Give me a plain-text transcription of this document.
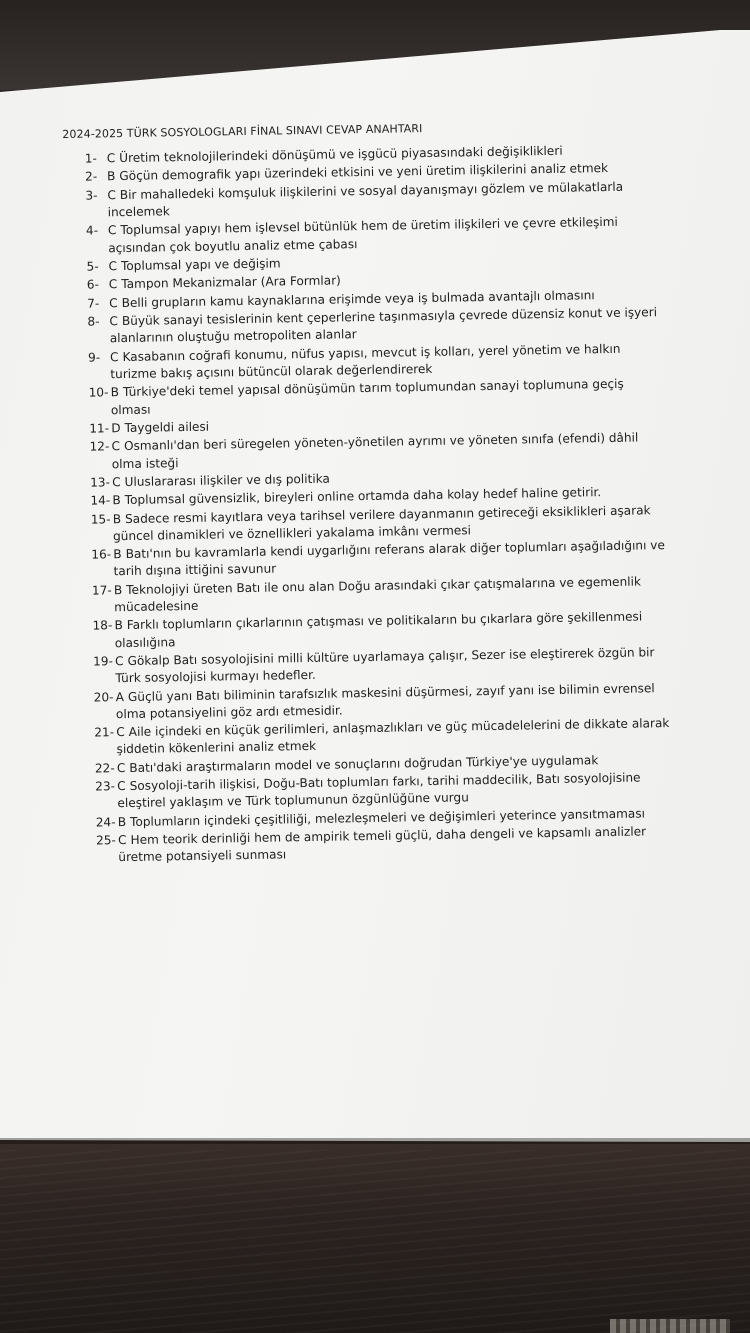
2024-2025 TÜRK SOSYOLOGLARI FİNAL SINAVI CEVAP ANAHTARI
1- C Üretim teknolojilerindeki dönüşümü ve işgücü piyasasındaki değişiklikleri
2- B Göçün demografik yapı üzerindeki etkisini ve yeni üretim ilişkilerini analiz etmek
3- C Bir mahalledeki komşuluk ilişkilerini ve sosyal dayanışmayı gözlem ve mülakatlarla incelemek
4- C Toplumsal yapıyı hem işlevsel bütünlük hem de üretim ilişkileri ve çevre etkileşimi açısından çok boyutlu analiz etme çabası
5- C Toplumsal yapı ve değişim
6- C Tampon Mekanizmalar (Ara Formlar)
7- C Belli grupların kamu kaynaklarına erişimde veya iş bulmada avantajlı olmasını
8- C Büyük sanayi tesislerinin kent çeperlerine taşınmasıyla çevrede düzensiz konut ve işyeri alanlarının oluştuğu metropoliten alanlar
9- C Kasabanın coğrafi konumu, nüfus yapısı, mevcut iş kolları, yerel yönetim ve halkın turizme bakış açısını bütüncül olarak değerlendirerek
10- B Türkiye'deki temel yapısal dönüşümün tarım toplumundan sanayi toplumuna geçiş olması
11- D Taygeldi ailesi
12- C Osmanlı'dan beri süregelen yöneten-yönetilen ayrımı ve yöneten sınıfa (efendi) dâhil olma isteği
13- C Uluslararası ilişkiler ve dış politika
14- B Toplumsal güvensizlik, bireyleri online ortamda daha kolay hedef haline getirir.
15- B Sadece resmi kayıtlara veya tarihsel verilere dayanmanın getireceği eksiklikleri aşarak güncel dinamikleri ve öznellikleri yakalama imkânı vermesi
16- B Batı'nın bu kavramlarla kendi uygarlığını referans alarak diğer toplumları aşağıladığını ve tarih dışına ittiğini savunur
17- B Teknolojiyi üreten Batı ile onu alan Doğu arasındaki çıkar çatışmalarına ve egemenlik mücadelesine
18- B Farklı toplumların çıkarlarının çatışması ve politikaların bu çıkarlara göre şekillenmesi olasılığına
19- C Gökalp Batı sosyolojisini milli kültüre uyarlamaya çalışır, Sezer ise eleştirerek özgün bir Türk sosyolojisi kurmayı hedefler.
20- A Güçlü yanı Batı biliminin tarafsızlık maskesini düşürmesi, zayıf yanı ise bilimin evrensel olma potansiyelini göz ardı etmesidir.
21- C Aile içindeki en küçük gerilimleri, anlaşmazlıkları ve güç mücadelelerini de dikkate alarak şiddetin kökenlerini analiz etmek
22- C Batı'daki araştırmaların model ve sonuçlarını doğrudan Türkiye'ye uygulamak
23- C Sosyoloji-tarih ilişkisi, Doğu-Batı toplumları farkı, tarihi maddecilik, Batı sosyolojisine eleştirel yaklaşım ve Türk toplumunun özgünlüğüne vurgu
24- B Toplumların içindeki çeşitliliği, melezleşmeleri ve değişimleri yeterince yansıtmaması
25- C Hem teorik derinliği hem de ampirik temeli güçlü, daha dengeli ve kapsamlı analizler üretme potansiyeli sunması
